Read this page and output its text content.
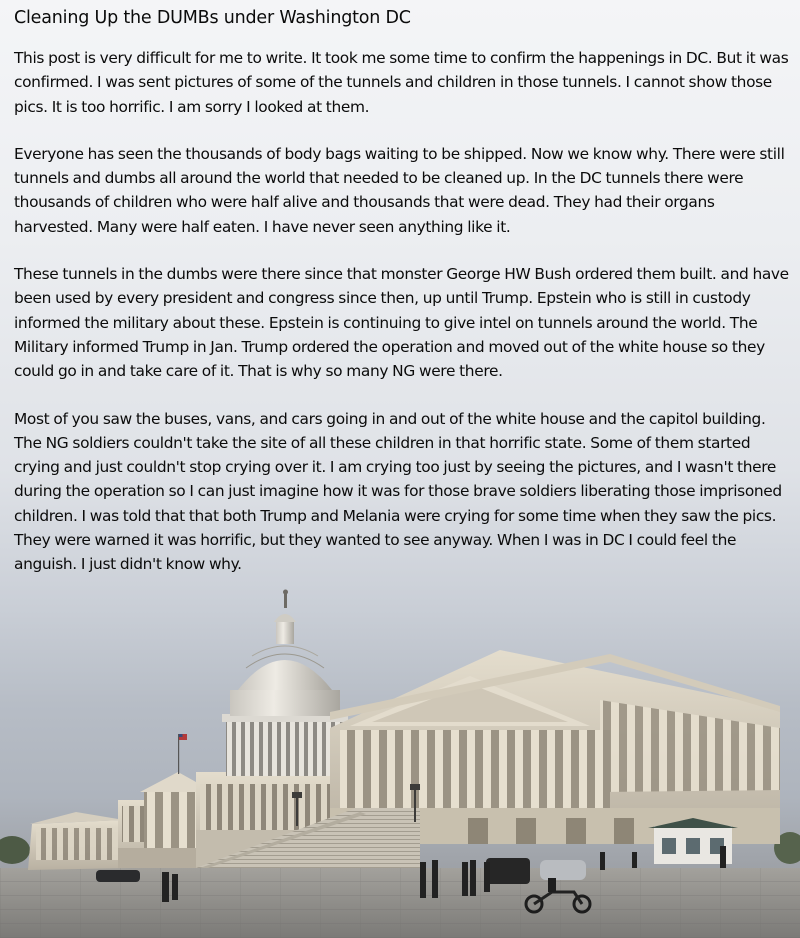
Cleaning Up the DUMBs under Washington DC

This post is very difficult for me to write. It took me some time to confirm the happenings in DC. But it was confirmed. I was sent pictures of some of the tunnels and children in those tunnels. I cannot show those pics. It is too horrific. I am sorry I looked at them.

Everyone has seen the thousands of body bags waiting to be shipped. Now we know why. There were still tunnels and dumbs all around the world that needed to be cleaned up. In the DC tunnels there were thousands of children who were half alive and thousands that were dead. They had their organs harvested. Many were half eaten. I have never seen anything like it.

These tunnels in the dumbs were there since that monster George HW Bush ordered them built. and have been used by every president and congress since then, up until Trump. Epstein who is still in custody informed the military about these. Epstein is continuing to give intel on tunnels around the world. The Military informed Trump in Jan. Trump ordered the operation and moved out of the white house so they could go in and take care of it. That is why so many NG were there.

Most of you saw the buses, vans, and cars going in and out of the white house and the capitol building. The NG soldiers couldn't take the site of all these children in that horrific state. Some of them started crying and just couldn't stop crying over it. I am crying too just by seeing the pictures, and I wasn't there during the operation so I can just imagine how it was for those brave soldiers liberating those imprisoned children. I was told that that both Trump and Melania were crying for some time when they saw the pics. They were warned it was horrific, but they wanted to see anyway. When I was in DC I could feel the anguish. I just didn't know why.
